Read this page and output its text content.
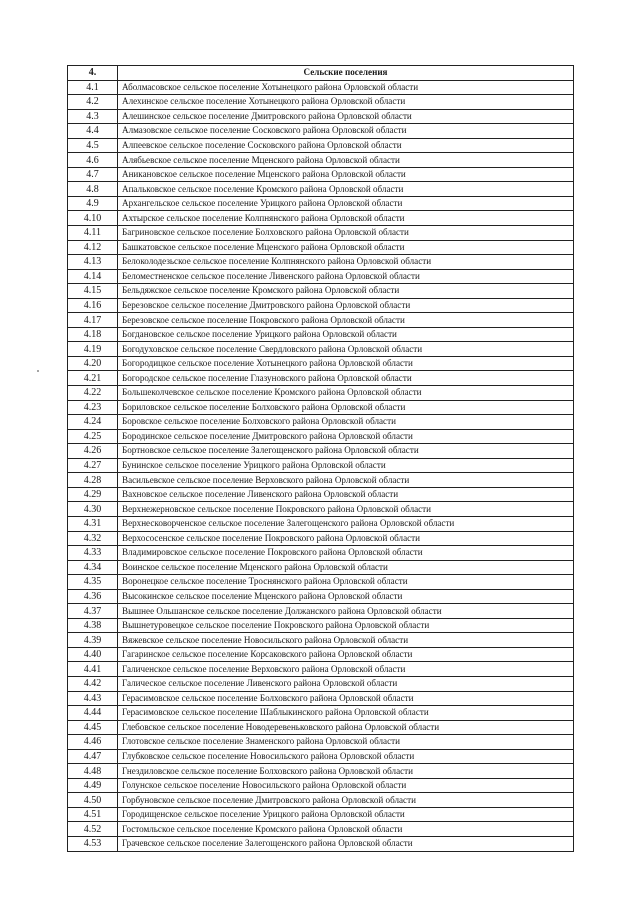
4.	Сельские поселения
4.1	Аболмасовское сельское поселение Хотынецкого района Орловской области
4.2	Алехинское сельское поселение Хотынецкого района Орловской области
4.3	Алешинское сельское поселение Дмитровского района Орловской области
4.4	Алмазовское сельское поселение Сосковского района Орловской области
4.5	Алпеевское сельское поселение Сосковского района Орловской области
4.6	Алябьевское сельское поселение Мценского района Орловской области
4.7	Аникановское сельское поселение Мценского района Орловской области
4.8	Апальковское сельское поселение Кромского района Орловской области
4.9	Архангельское сельское поселение Урицкого района Орловской области
4.10	Ахтырское сельское поселение Колпнянского района Орловской области
4.11	Багриновское сельское поселение Болховского района Орловской области
4.12	Башкатовское сельское поселение Мценского района Орловской области
4.13	Белоколодезьское сельское поселение Колпнянского района Орловской области
4.14	Беломестненское сельское поселение Ливенского района Орловской области
4.15	Бельдяжское сельское поселение Кромского района Орловской области
4.16	Березовское сельское поселение Дмитровского района Орловской области
4.17	Березовское сельское поселение Покровского района Орловской области
4.18	Богдановское сельское поселение Урицкого района Орловской области
4.19	Богодуховское сельское поселение Свердловского района Орловской области
4.20	Богородицкое сельское поселение Хотынецкого района Орловской области
4.21	Богородское сельское поселение Глазуновского района Орловской области
4.22	Большеколчевское сельское поселение Кромского района Орловской области
4.23	Бориловское сельское поселение Болховского района Орловской области
4.24	Боровское сельское поселение Болховского района Орловской области
4.25	Бородинское сельское поселение Дмитровского района Орловской области
4.26	Бортновское сельское поселение Залегощенского района Орловской области
4.27	Бунинское сельское поселение Урицкого района Орловской области
4.28	Васильевское сельское поселение Верховского района Орловской области
4.29	Вахновское сельское поселение Ливенского района Орловской области
4.30	Верхнежерновское сельское поселение Покровского района Орловской области
4.31	Верхнесковорченское сельское поселение Залегощенского района Орловской области
4.32	Верхососенское сельское поселение Покровского района Орловской области
4.33	Владимировское сельское поселение Покровского района Орловской области
4.34	Воинское сельское поселение Мценского района Орловской области
4.35	Воронецкое сельское поселение Троснянского района Орловской области
4.36	Высокинское сельское поселение Мценского района Орловской области
4.37	Вышнее Ольшанское сельское поселение Должанского района Орловской области
4.38	Вышнетуровецкое сельское поселение Покровского района Орловской области
4.39	Вяжевское сельское поселение Новосильского района Орловской области
4.40	Гагаринское сельское поселение Корсаковского района Орловской области
4.41	Галиченское сельское поселение Верховского района Орловской области
4.42	Галическое сельское поселение Ливенского района Орловской области
4.43	Герасимовское сельское поселение Болховского района Орловской области
4.44	Герасимовское сельское поселение Шаблыкинского района Орловской области
4.45	Глебовское сельское поселение Новодеревеньковского района Орловской области
4.46	Глотовское сельское поселение Знаменского района Орловской области
4.47	Глубковское сельское поселение Новосильского района Орловской области
4.48	Гнездиловское сельское поселение Болховского района Орловской области
4.49	Голунское сельское поселение Новосильского района Орловской области
4.50	Горбуновское сельское поселение Дмитровского района Орловской области
4.51	Городищенское сельское поселение Урицкого района Орловской области
4.52	Гостомльское сельское поселение Кромского района Орловской области
4.53	Грачевское сельское поселение Залегощенского района Орловской области
